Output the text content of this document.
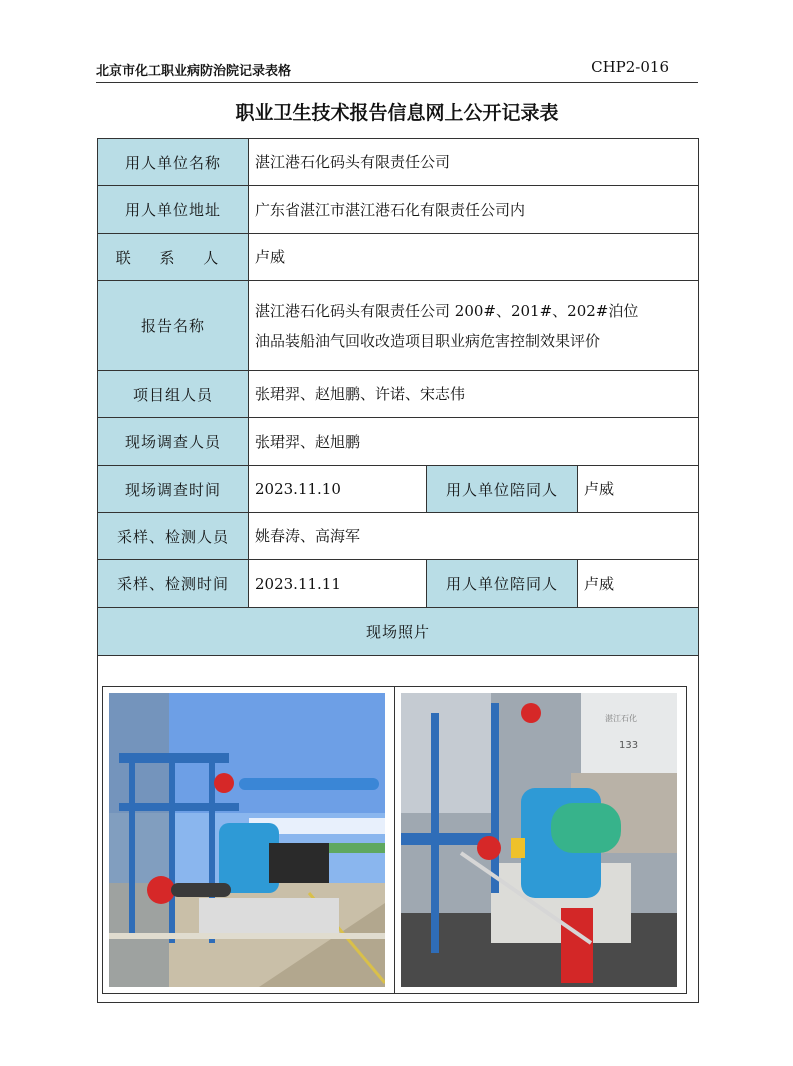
北京市化工职业病防治院记录表格	CHP2-016
职业卫生技术报告信息网上公开记录表
用人单位名称	湛江港石化码头有限责任公司		
用人单位地址	广东省湛江市湛江港石化有限责任公司内		
联 系 人	卢威		
报告名称	湛江港石化码头有限责任公司 200#、201#、202#泊位
油品装船油气回收改造项目职业病危害控制效果评价		

项目组人员	张珺羿、赵旭鹏、许诺、宋志伟		
现场调查人员	张珺羿、赵旭鹏		
现场调查时间	2023.11.10	用人单位陪同人	卢威
采样、检测人员	姚春涛、高海军		
采样、检测时间	2023.11.11	用人单位陪同人	卢威
现场照片			

湛江石化
133			
